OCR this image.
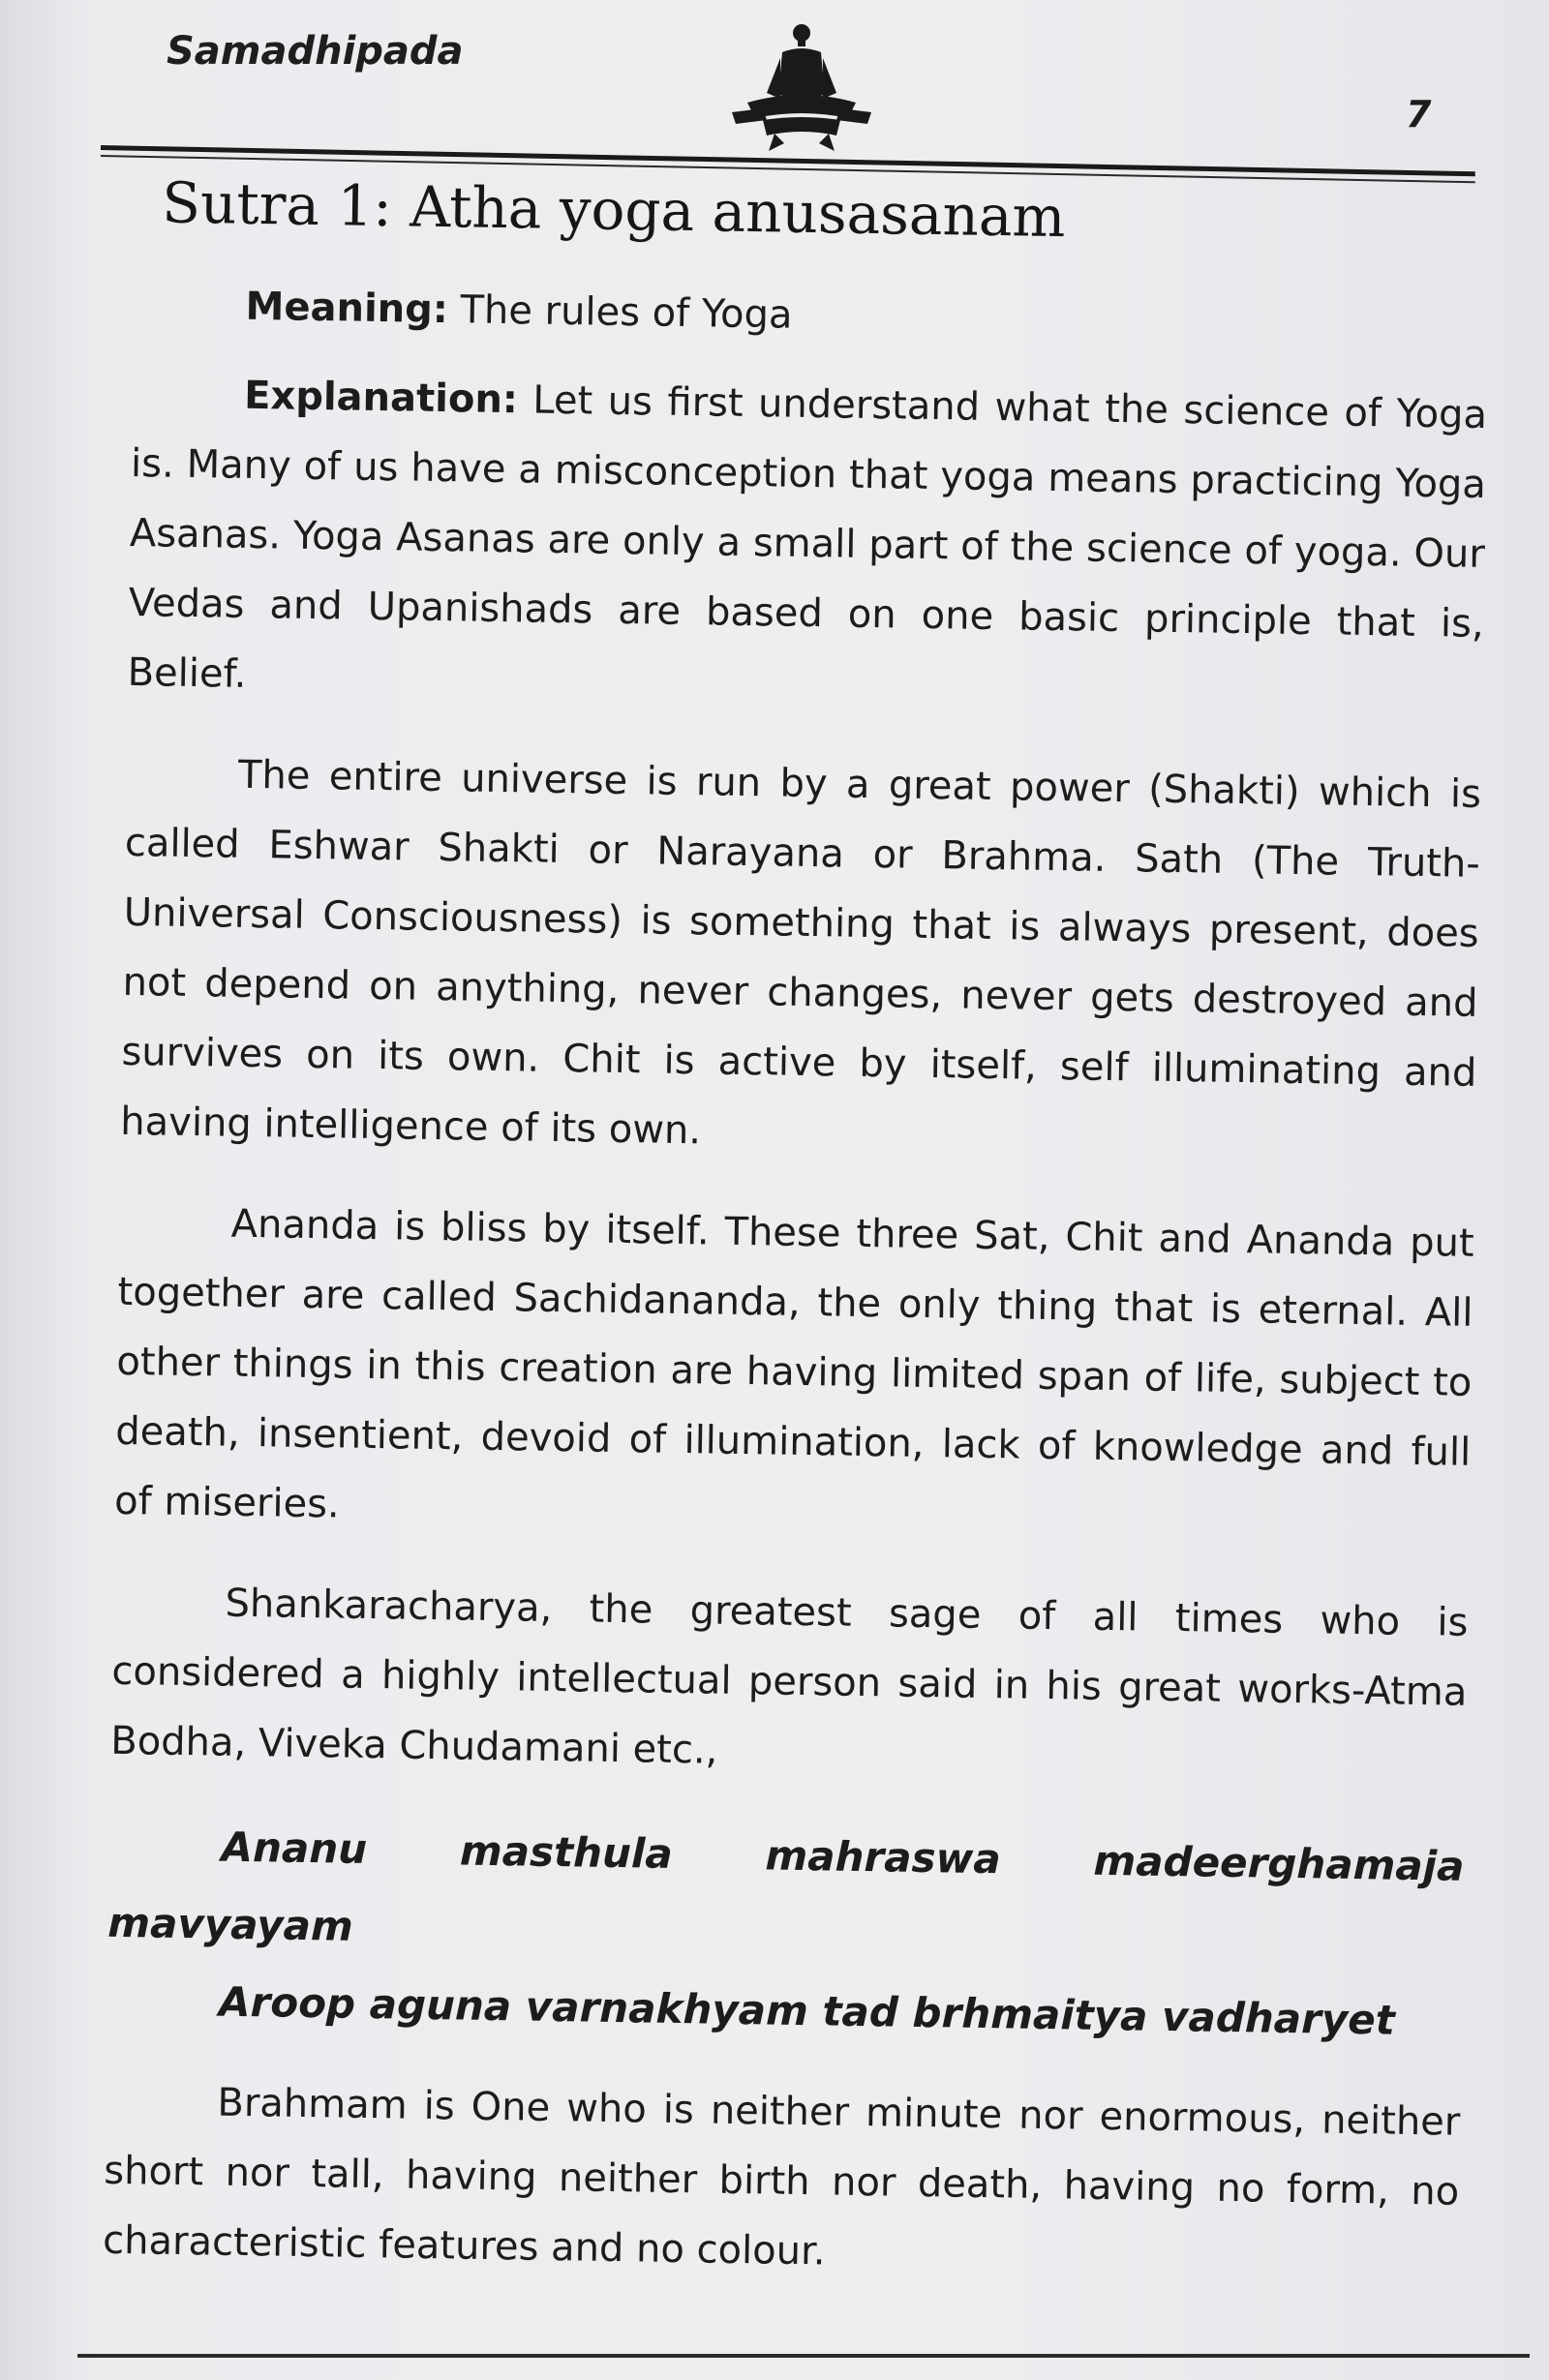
Samadhipada
7
Sutra 1: Atha yoga anusasanam

Meaning: The rules of Yoga

Explanation: Let us first understand what the science of Yoga is. Many of us have a misconception that yoga means practicing Yoga Asanas. Yoga Asanas are only a small part of the science of yoga. Our Vedas and Upanishads are based on one basic principle that is, Belief.

The entire universe is run by a great power (Shakti) which is called Eshwar Shakti or Narayana or Brahma. Sath (The Truth-Universal Consciousness) is something that is always present, does not depend on anything, never changes, never gets destroyed and survives on its own. Chit is active by itself, self illuminating and having intelligence of its own.

Ananda is bliss by itself. These three Sat, Chit and Ananda put together are called Sachidananda, the only thing that is eternal. All other things in this creation are having limited span of life, subject to death, insentient, devoid of illumination, lack of knowledge and full of miseries.

Shankaracharya, the greatest sage of all times who is considered a highly intellectual person said in his great works-Atma Bodha, Viveka Chudamani etc.,

Ananu masthula mahraswa madeerghamaja mavyayam

Aroop aguna varnakhyam tad brhmaitya vadharyet

Brahmam is One who is neither minute nor enormous, neither short nor tall, having neither birth nor death, having no form, no characteristic features and no colour.
